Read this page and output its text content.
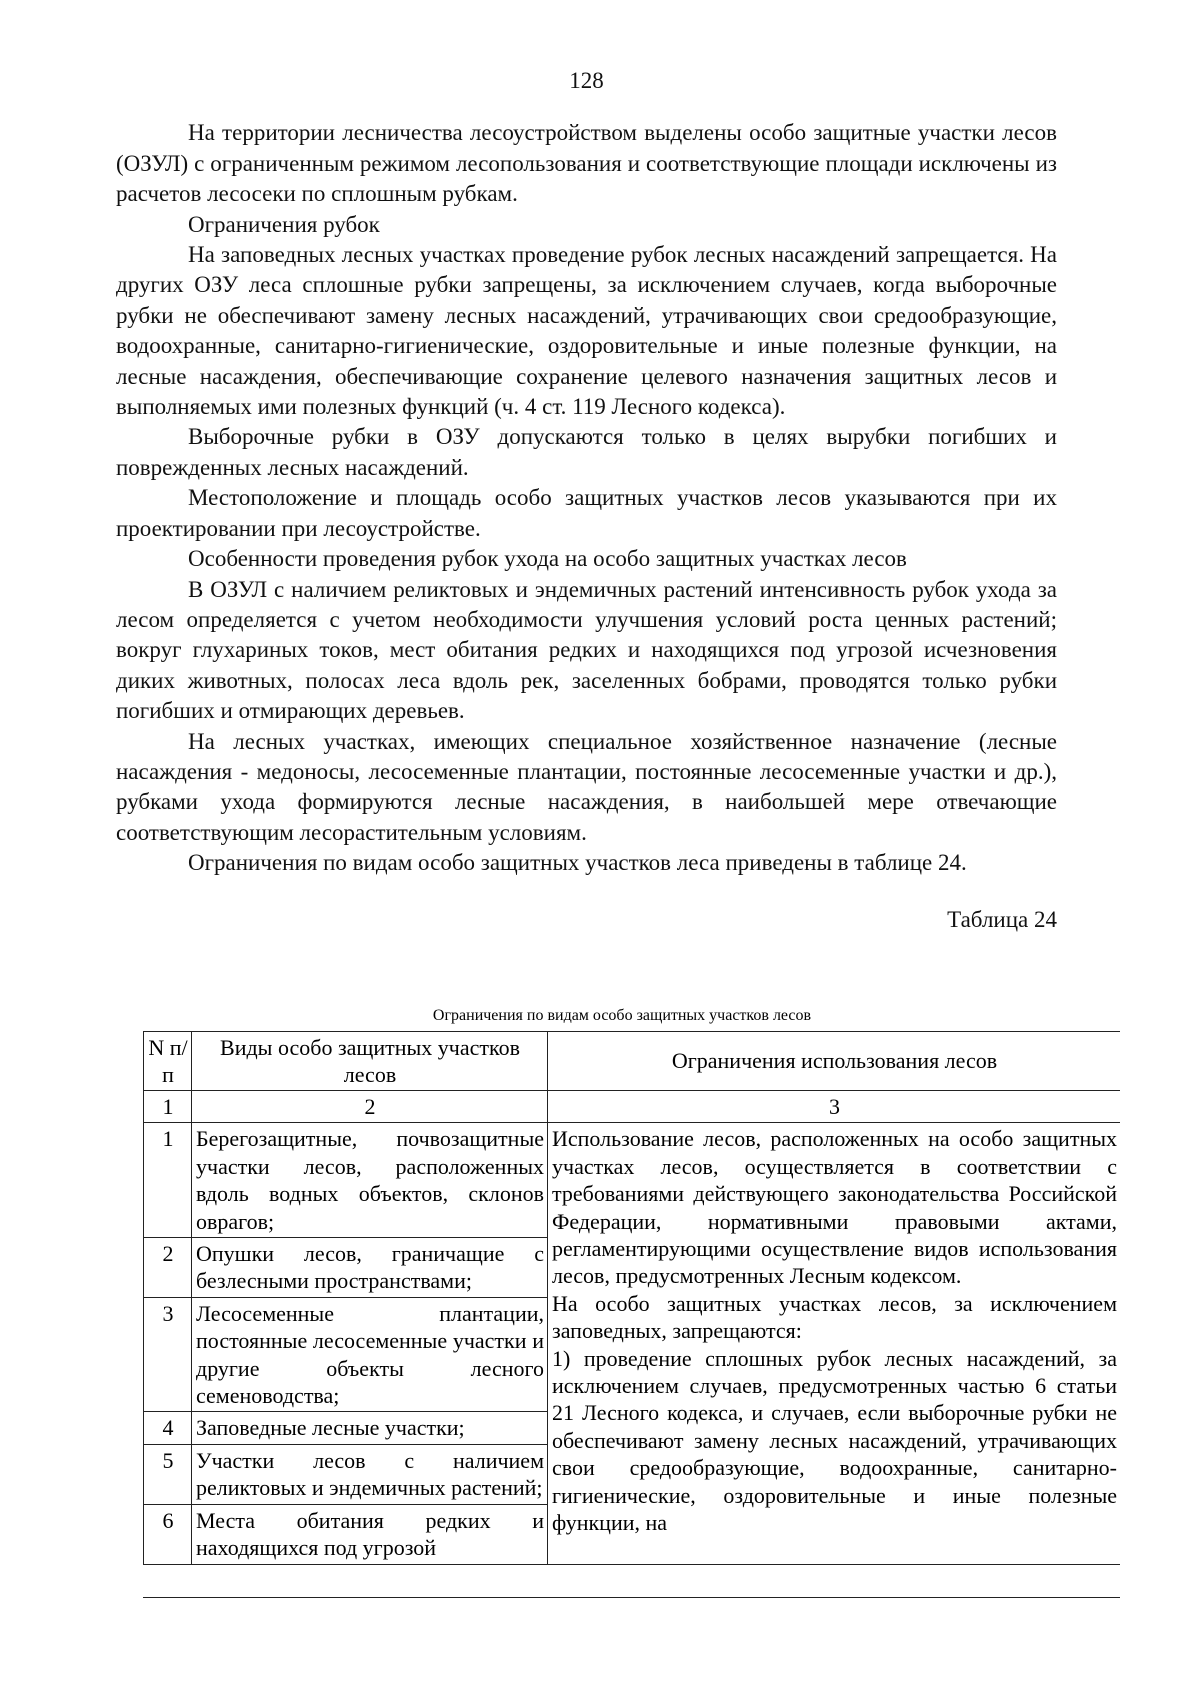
128

На территории лесничества лесоустройством выделены особо защитные участки лесов (ОЗУЛ) с ограниченным режимом лесопользования и соответствующие площади исключены из расчетов лесосеки по сплошным рубкам.

Ограничения рубок

На заповедных лесных участках проведение рубок лесных насаждений запрещается. На других ОЗУ леса сплошные рубки запрещены, за исключением случаев, когда выборочные рубки не обеспечивают замену лесных насаждений, утрачивающих свои средообразующие, водоохранные, санитарно-гигиенические, оздоровительные и иные полезные функции, на лесные насаждения, обеспечивающие сохранение целевого назначения защитных лесов и выполняемых ими полезных функций (ч. 4 ст. 119 Лесного кодекса).

Выборочные рубки в ОЗУ допускаются только в целях вырубки погибших и поврежденных лесных насаждений.

Местоположение и площадь особо защитных участков лесов указываются при их проектировании при лесоустройстве.

Особенности проведения рубок ухода на особо защитных участках лесов

В ОЗУЛ с наличием реликтовых и эндемичных растений интенсивность рубок ухода за лесом определяется с учетом необходимости улучшения условий роста ценных растений; вокруг глухариных токов, мест обитания редких и находящихся под угрозой исчезновения диких животных, полосах леса вдоль рек, заселенных бобрами, проводятся только рубки погибших и отмирающих деревьев.

На лесных участках, имеющих специальное хозяйственное назначение (лесные насаждения - медоносы, лесосеменные плантации, постоянные лесосеменные участки и др.), рубками ухода формируются лесные насаждения, в наибольшей мере отвечающие соответствующим лесорастительным условиям.

Ограничения по видам особо защитных участков леса приведены в таблице 24.

Таблица 24

Ограничения по видам особо защитных участков лесов

N п/п	Виды особо защитных участков лесов	Ограничения использования лесов
1	2	3
1	Берегозащитные, почвозащитные участки лесов, расположенных вдоль водных объектов, склонов оврагов;	Использование лесов, расположенных на особо защитных участках лесов, осуществляется в соответствии с требованиями действующего законодательства Российской Федерации, нормативными правовыми актами, регламентирующими осуществление видов использования лесов, предусмотренных Лесным кодексом.
На особо защитных участках лесов, за исключением заповедных, запрещаются:
1) проведение сплошных рубок лесных насаждений, за исключением случаев, предусмотренных частью 6 статьи 21 Лесного кодекса, и случаев, если выборочные рубки не обеспечивают замену лесных насаждений, утрачивающих свои средообразующие, водоохранные, санитарно-гигиенические, оздоровительные и иные полезные функции, на

2	Опушки лесов, граничащие с безлесными пространствами;	
3	Лесосеменные плантации, постоянные лесосеменные участки и другие объекты лесного семеноводства;	
4	Заповедные лесные участки;	
5	Участки лесов с наличием реликтовых и эндемичных растений;	
6	Места обитания редких и находящихся под угрозой	
